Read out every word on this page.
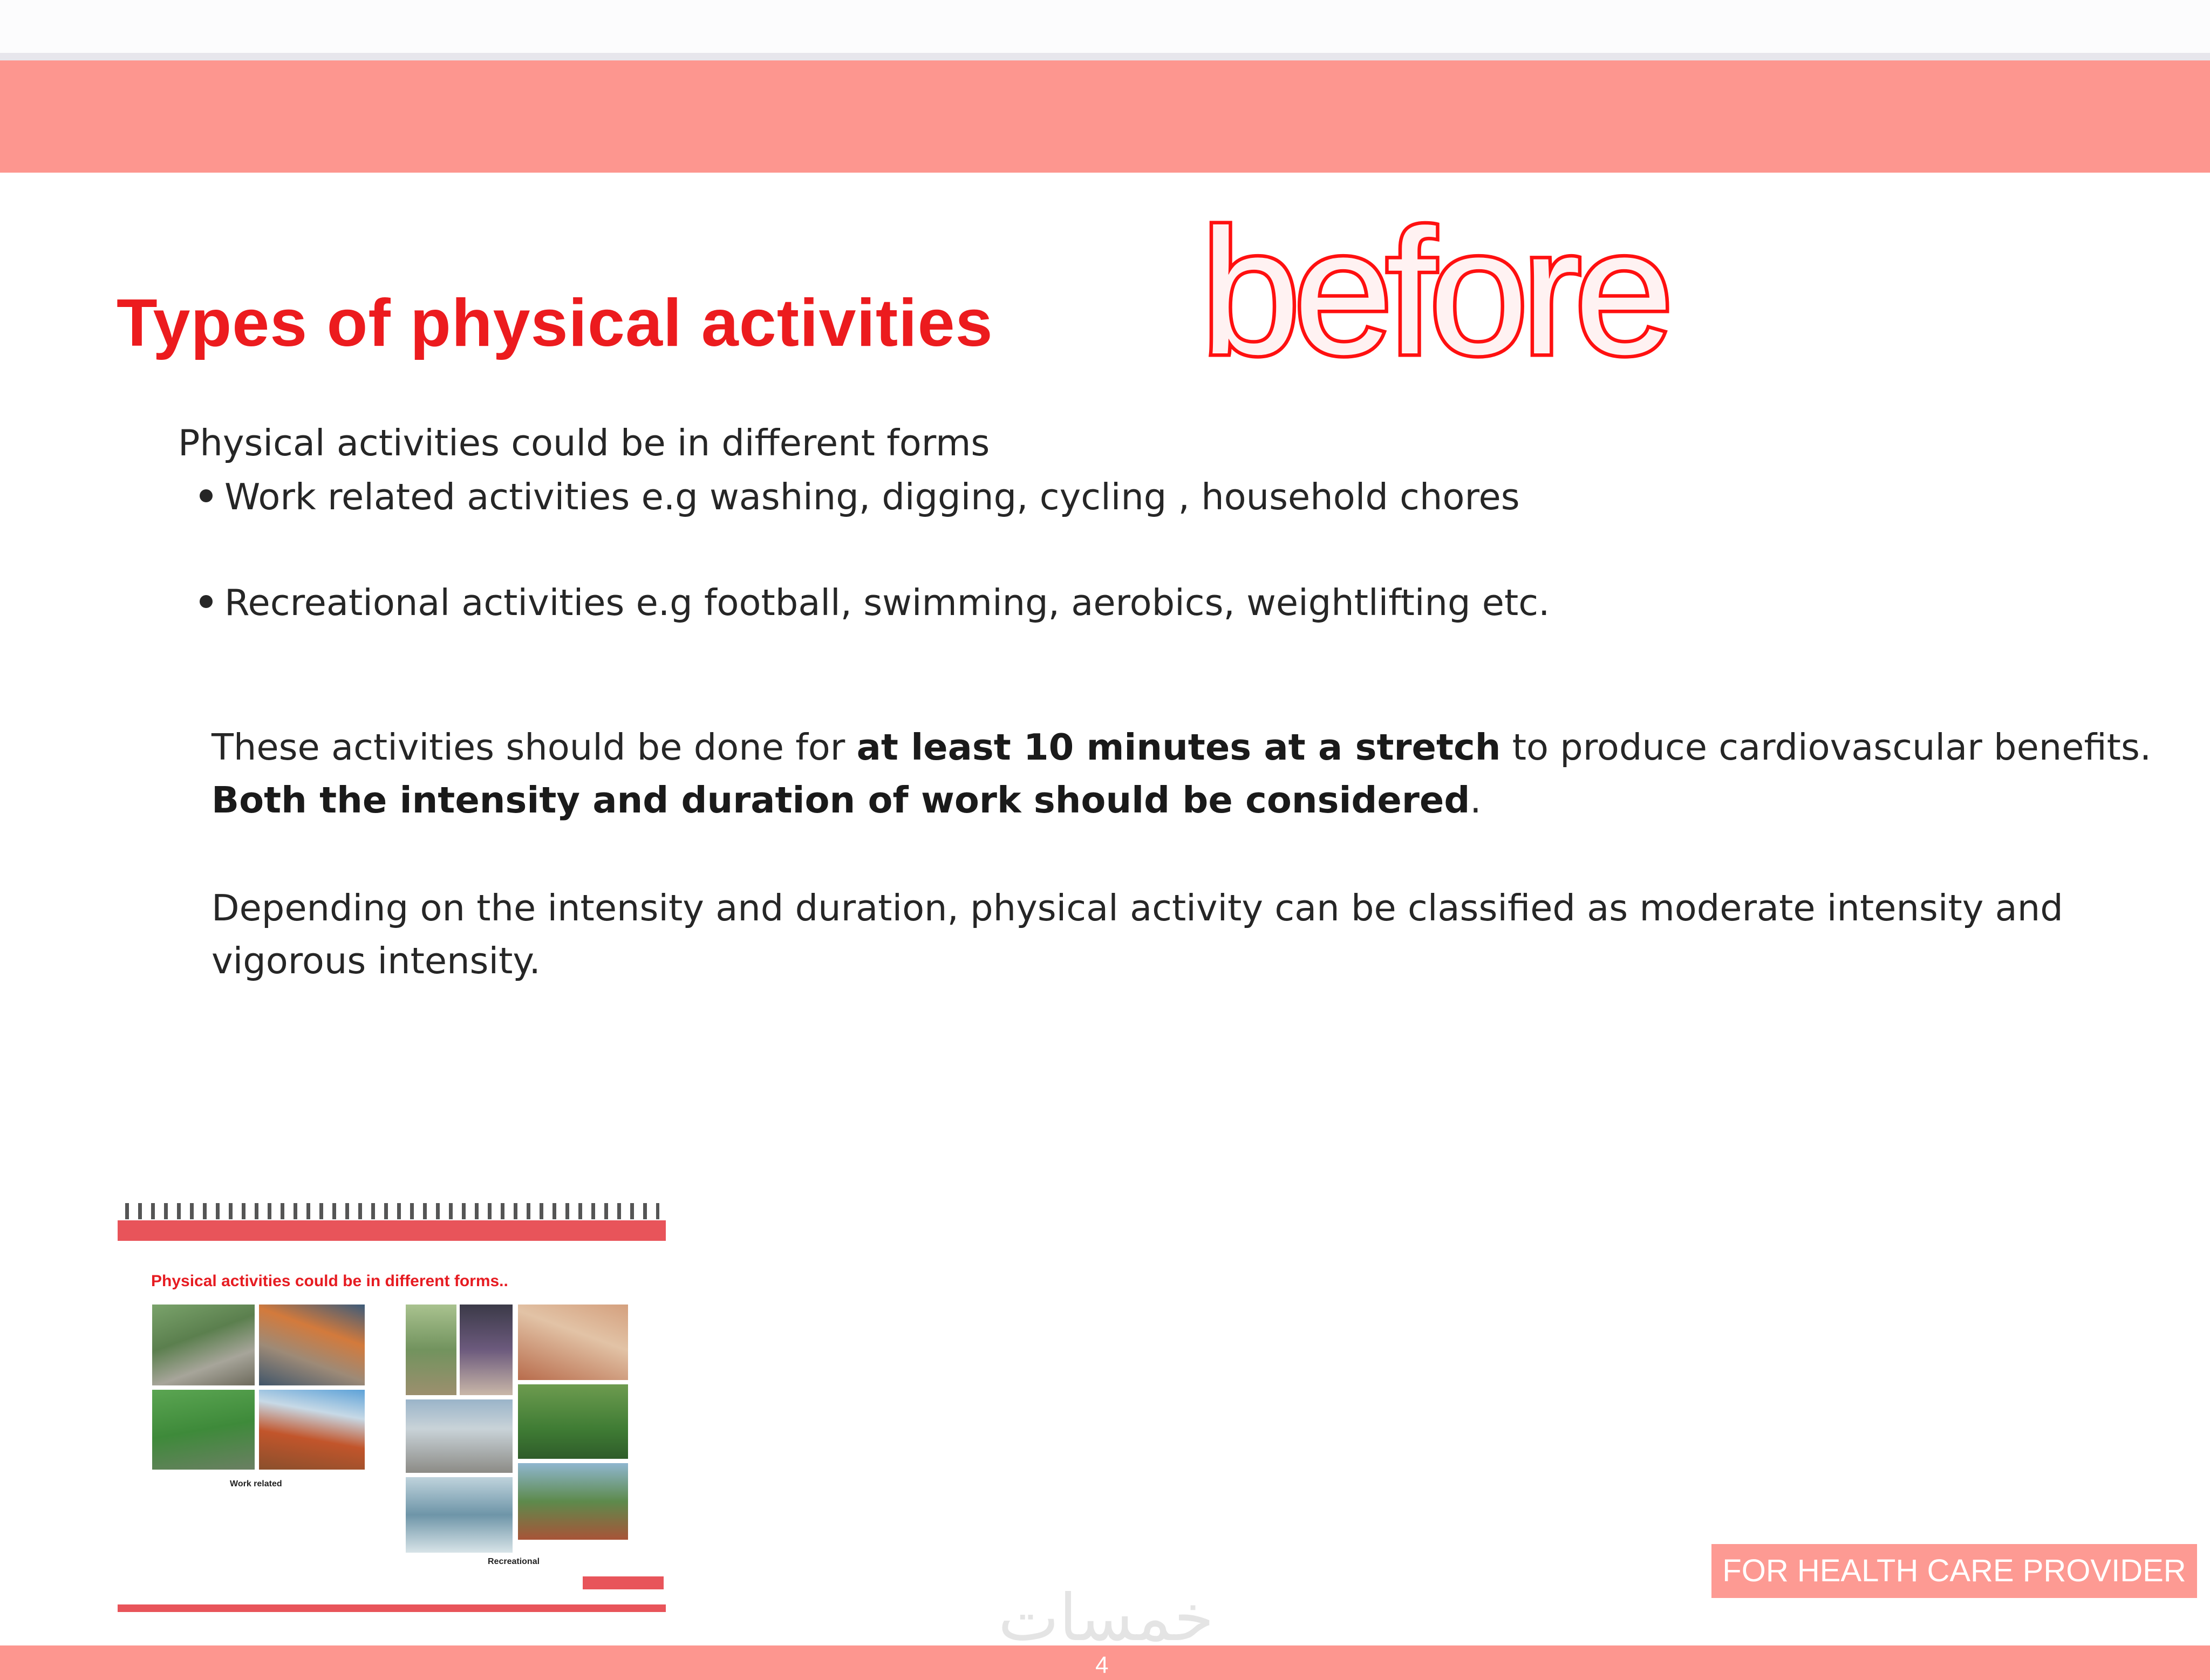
Types of physical activities before
Physical activities could be in different forms
Work related activities e.g washing, digging, cycling , household chores
Recreational activities e.g football, swimming, aerobics, weightlifting etc.
These activities should be done for at least 10 minutes at a stretch to produce cardiovascular benefits.
Both the intensity and duration of work should be considered.
Depending on the intensity and duration, physical activity can be classified as moderate intensity and
vigorous intensity.
Physical activities could be in different forms..
Work related
Recreational	FOR HEALTH CARE PROVIDER
خمسات
4
